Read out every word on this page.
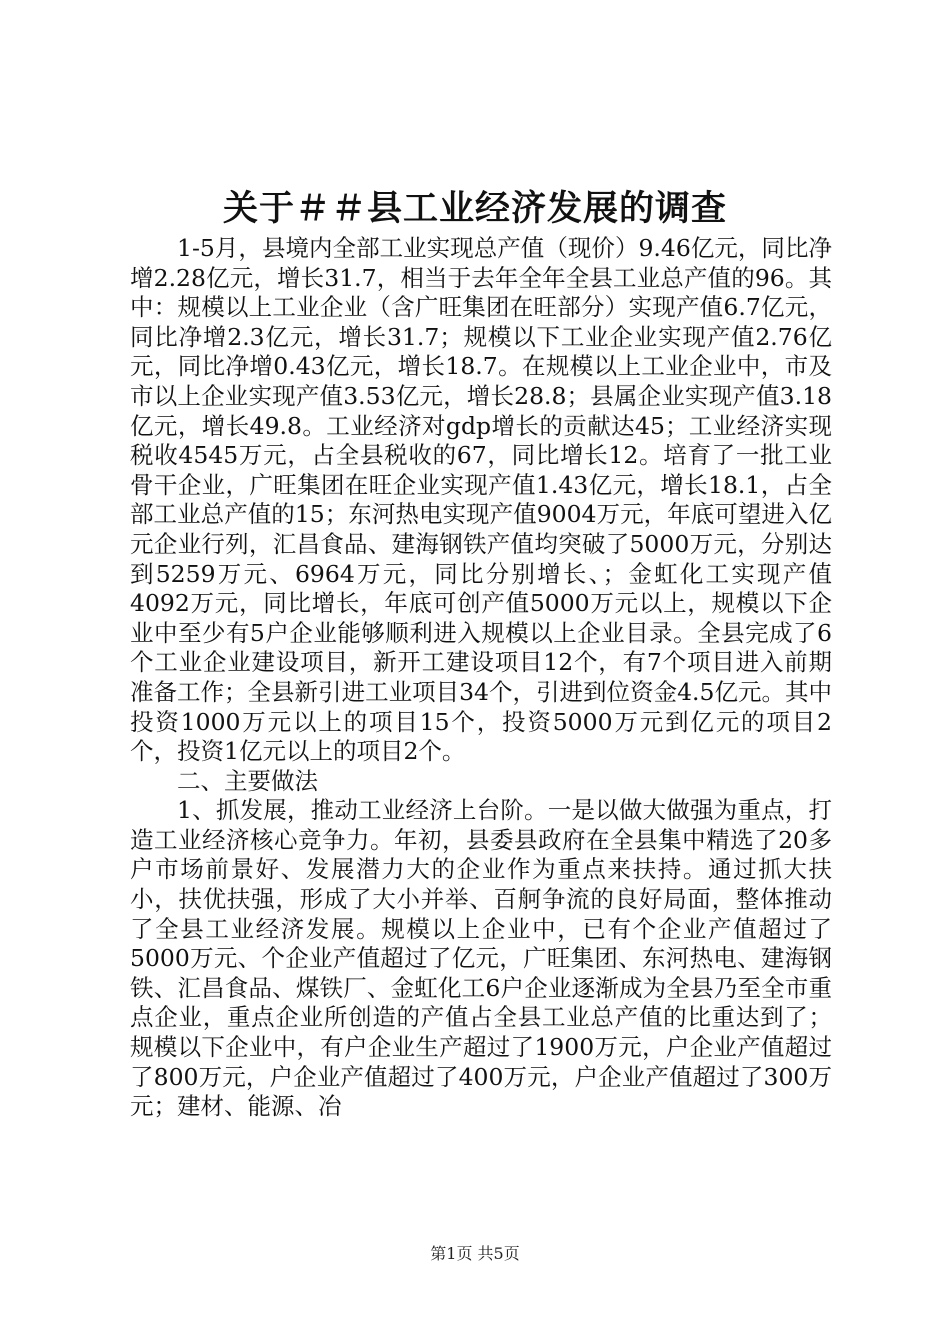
关于＃＃县工业经济发展的调查

1-5月，县境内全部工业实现总产值（现价）9.46亿元，同比净增2.28亿元，增长31.7，相当于去年全年全县工业总产值的96。其中：规模以上工业企业（含广旺集团在旺部分）实现产值6.7亿元，同比净增2.3亿元，增长31.7；规模以下工业企业实现产值2.76亿元，同比净增0.43亿元，增长18.7。在规模以上工业企业中，市及市以上企业实现产值3.53亿元，增长28.8；县属企业实现产值3.18亿元，增长49.8。工业经济对gdp增长的贡献达45；工业经济实现税收4545万元，占全县税收的67，同比增长12。培育了一批工业骨干企业，广旺集团在旺企业实现产值1.43亿元，增长18.1，占全部工业总产值的15；东河热电实现产值9004万元，年底可望进入亿元企业行列，汇昌食品、建海钢铁产值均突破了5000万元，分别达到5259万元、6964万元，同比分别增长、；金虹化工实现产值4092万元，同比增长，年底可创产值5000万元以上，规模以下企业中至少有5户企业能够顺利进入规模以上企业目录。全县完成了6个工业企业建设项目，新开工建设项目12个，有7个项目进入前期准备工作；全县新引进工业项目34个，引进到位资金4.5亿元。其中投资1000万元以上的项目15个，投资5000万元到亿元的项目2个，投资1亿元以上的项目2个。

二、主要做法

1、抓发展，推动工业经济上台阶。一是以做大做强为重点，打造工业经济核心竞争力。年初，县委县政府在全县集中精选了20多户市场前景好、发展潜力大的企业作为重点来扶持。通过抓大扶小，扶优扶强，形成了大小并举、百舸争流的良好局面，整体推动了全县工业经济发展。规模以上企业中，已有个企业产值超过了5000万元、个企业产值超过了亿元，广旺集团、东河热电、建海钢铁、汇昌食品、煤铁厂、金虹化工6户企业逐渐成为全县乃至全市重点企业，重点企业所创造的产值占全县工业总产值的比重达到了；规模以下企业中，有户企业生产超过了1900万元，户企业产值超过了800万元，户企业产值超过了400万元，户企业产值超过了300万元；建材、能源、冶

第1页 共5页
